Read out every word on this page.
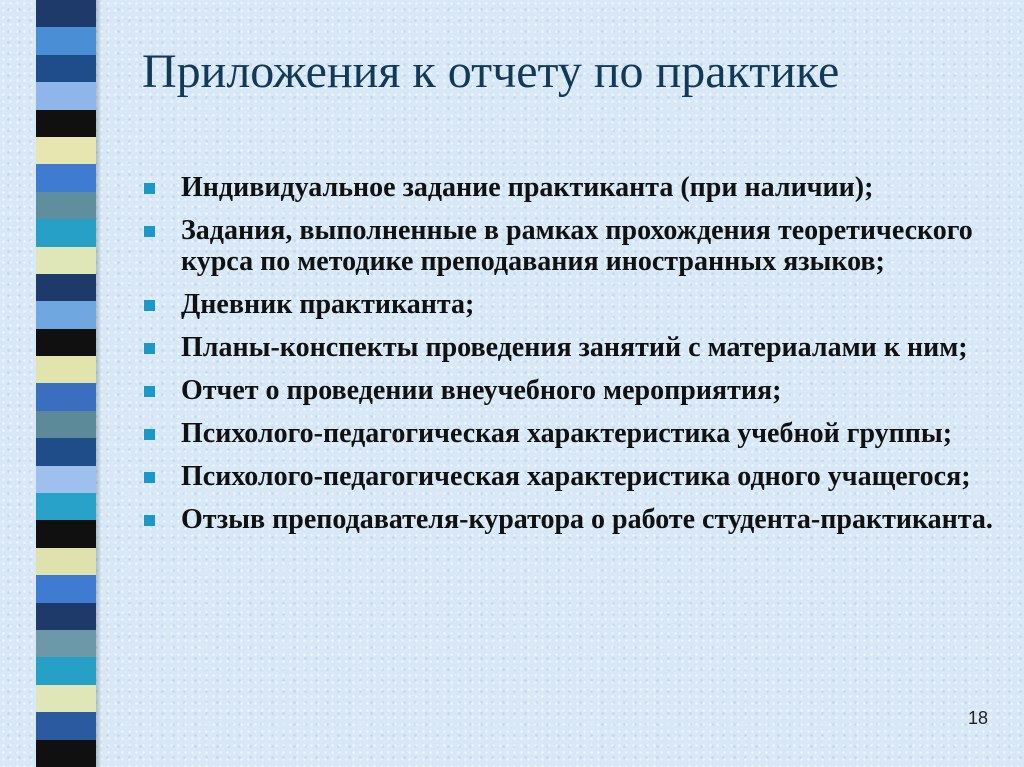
Приложения к отчету по практике
Индивидуальное задание практиканта (при наличии);
Задания, выполненные в рамках прохождения теоретического курса по методике преподавания иностранных языков;
Дневник практиканта;
Планы-конспекты проведения занятий с материалами к ним;
Отчет о проведении внеучебного мероприятия;
Психолого-педагогическая характеристика учебной группы;
Психолого-педагогическая характеристика одного учащегося;
Отзыв преподавателя-куратора о работе студента-практиканта.
18
